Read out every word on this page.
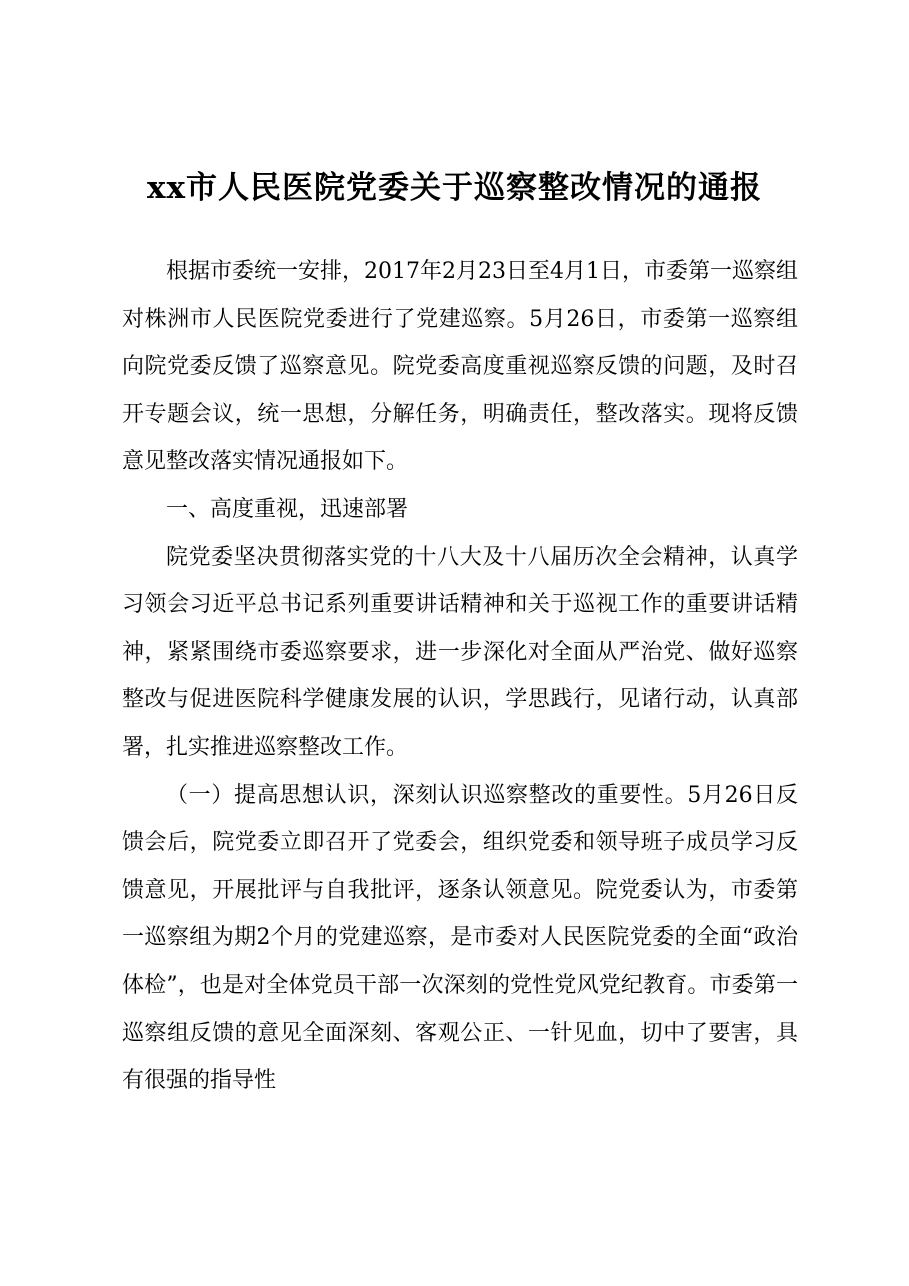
xx市人民医院党委关于巡察整改情况的通报

根据市委统一安排，2017年2月23日至4月1日，市委第一巡察组对株洲市人民医院党委进行了党建巡察。5月26日，市委第一巡察组向院党委反馈了巡察意见。院党委高度重视巡察反馈的问题，及时召开专题会议，统一思想，分解任务，明确责任，整改落实。现将反馈意见整改落实情况通报如下。

一、高度重视，迅速部署

院党委坚决贯彻落实党的十八大及十八届历次全会精神，认真学习领会习近平总书记系列重要讲话精神和关于巡视工作的重要讲话精神，紧紧围绕市委巡察要求，进一步深化对全面从严治党、做好巡察整改与促进医院科学健康发展的认识，学思践行，见诸行动，认真部署，扎实推进巡察整改工作。

（一）提高思想认识，深刻认识巡察整改的重要性。5月26日反馈会后，院党委立即召开了党委会，组织党委和领导班子成员学习反馈意见，开展批评与自我批评，逐条认领意见。院党委认为，市委第一巡察组为期2个月的党建巡察，是市委对人民医院党委的全面“政治体检”，也是对全体党员干部一次深刻的党性党风党纪教育。市委第一巡察组反馈的意见全面深刻、客观公正、一针见血，切中了要害，具有很强的指导性
